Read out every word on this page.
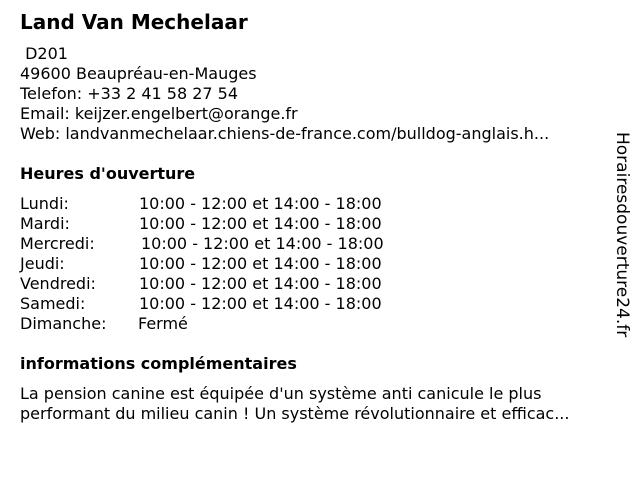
Land Van Mechelaar
D201
49600 Beaupréau-en-Mauges
Telefon: +33 2 41 58 27 54
Email: keijzer.engelbert@orange.fr
Web: landvanmechelaar.chiens-de-france.com/bulldog-anglais.h...
Heures d'ouverture
Lundi:	10:00 - 12:00 et 14:00 - 18:00
Mardi:	10:00 - 12:00 et 14:00 - 18:00
Mercredi:	10:00 - 12:00 et 14:00 - 18:00
Jeudi:	10:00 - 12:00 et 14:00 - 18:00
Vendredi:	10:00 - 12:00 et 14:00 - 18:00
Samedi:	10:00 - 12:00 et 14:00 - 18:00
Dimanche: Fermé
informations complémentaires
La pension canine est équipée d'un système anti canicule le plus
performant du milieu canin ! Un système révolutionnaire et efficac...
Horairesdouverture24.fr
